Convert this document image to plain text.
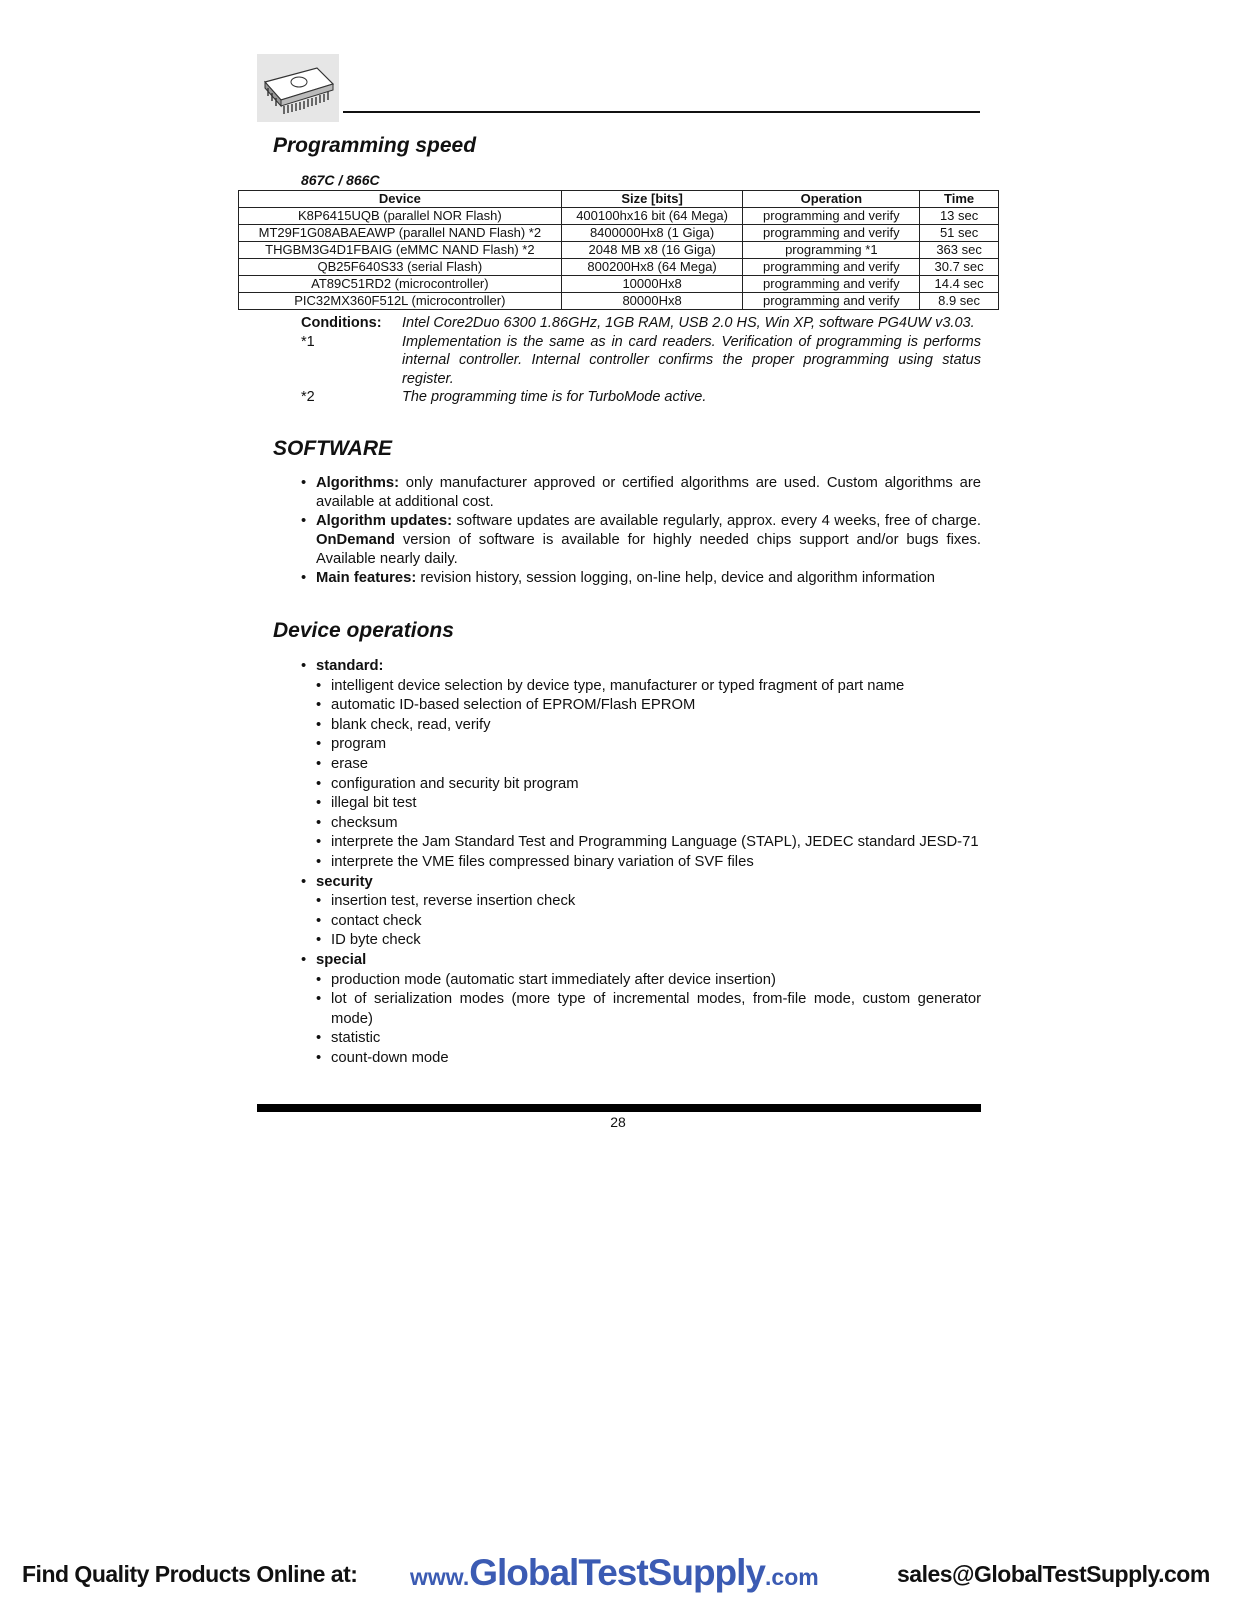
Programming speed
867C / 866C
Device	Size [bits]	Operation	Time
K8P6415UQB (parallel NOR Flash)	400100hx16 bit (64 Mega)	programming and verify	13 sec
MT29F1G08ABAEAWP (parallel NAND Flash) *2	8400000Hx8 (1 Giga)	programming and verify	51 sec
THGBM3G4D1FBAIG (eMMC NAND Flash) *2	2048 MB x8 (16 Giga)	programming *1	363 sec
QB25F640S33 (serial Flash)	800200Hx8 (64 Mega)	programming and verify	30.7 sec
AT89C51RD2 (microcontroller)	10000Hx8	programming and verify	14.4 sec
PIC32MX360F512L (microcontroller)	80000Hx8	programming and verify	8.9 sec
Conditions:	Intel Core2Duo 6300 1.86GHz, 1GB RAM, USB 2.0 HS, Win XP, software PG4UW v3.03.
*1	Implementation is the same as in card readers. Verification of programming is performs internal controller. Internal controller confirms the proper programming using status register.
*2	The programming time is for TurboMode active.
SOFTWARE
• Algorithms: only manufacturer approved or certified algorithms are used. Custom algorithms are available at additional cost.
• Algorithm updates: software updates are available regularly, approx. every 4 weeks, free of charge. OnDemand version of software is available for highly needed chips support and/or bugs fixes. Available nearly daily.
• Main features: revision history, session logging, on-line help, device and algorithm information
Device operations
• standard:
• intelligent device selection by device type, manufacturer or typed fragment of part name
• automatic ID-based selection of EPROM/Flash EPROM
• blank check, read, verify
• program
• erase
• configuration and security bit program
• illegal bit test
• checksum
• interprete the Jam Standard Test and Programming Language (STAPL), JEDEC standard JESD-71
• interprete the VME files compressed binary variation of SVF files
• security
• insertion test, reverse insertion check
• contact check
• ID byte check
• special
• production mode (automatic start immediately after device insertion)
• lot of serialization modes (more type of incremental modes, from-file mode, custom generator mode)
• statistic
• count-down mode
28
Find Quality Products Online at: www.GlobalTestSupply.com	sales@GlobalTestSupply.com
